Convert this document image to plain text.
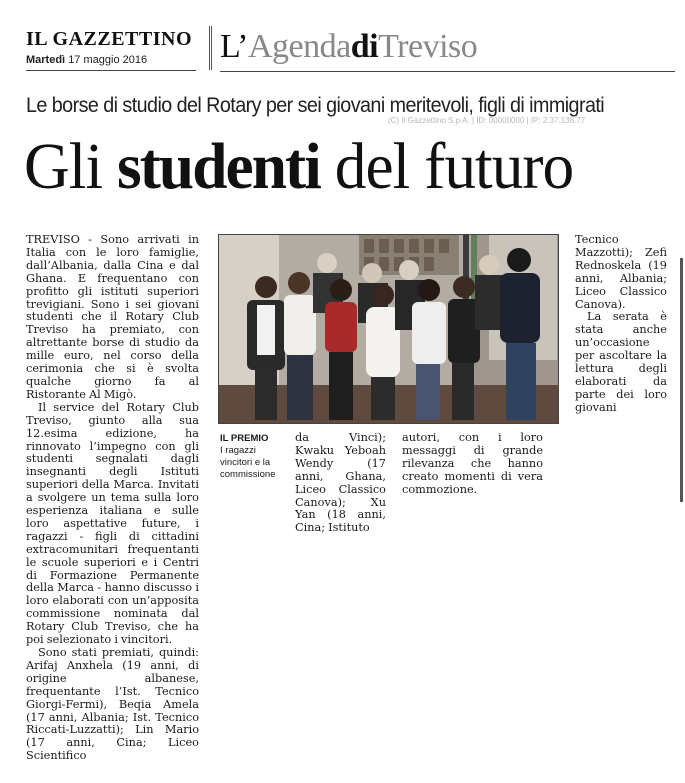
IL GAZZETTINO
Martedì 17 maggio 2016 L’AgendadiTreviso
Le borse di studio del Rotary per sei giovani meritevoli, figli di immigrati
(C) Il Gazzettino S.p.A. | ID: 00000000 | IP: 2.37.138.77
Gli studenti del futuro

TREVISO - Sono arrivati in Italia con le loro famiglie, dall’Albania, dalla Cina e dal Ghana. E frequentano con profitto gli istituti superiori trevigiani. Sono i sei giovani studenti che il Rotary Club Treviso ha premiato, con altrettante borse di studio da mille euro, nel corso della cerimonia che si è svolta qualche giorno fa al Ristorante Al Migò.

Il service del Rotary Club Treviso, giunto alla sua 12.esima edizione, ha rinnovato l’impegno con gli studenti segnalati dagli insegnanti degli Istituti superiori della Marca. Invitati a svolgere un tema sulla loro esperienza italiana e sulle loro aspettative future, i ragazzi - figli di cittadini extracomunitari frequentanti le scuole superiori e i Centri di Formazione Permanente della Marca - hanno discusso i loro elaborati con un’apposita commissione nominata dal Rotary Club Treviso, che ha poi selezionato i vincitori.

Sono stati premiati, quindi: Arifaj Anxhela (19 anni, di origine albanese, frequentante l’Ist. Tecnico Giorgi-Fermi), Beqia Amela (17 anni, Albania; Ist. Tecnico Riccati-Luzzatti); Lin Mario (17 anni, Cina; Liceo Scientifico

IL PREMIO
I ragazzi vincitori e la commissione

da Vinci); Kwaku Yeboah Wendy (17 anni, Ghana, Liceo Classico Canova); Xu Yan (18 anni, Cina; Istituto

autori, con i loro messaggi di grande rilevanza che hanno creato momenti di vera commozione.

Tecnico Mazzotti); Zefi Rednoskela (19 anni, Albania; Liceo Classico Canova).

La serata è stata anche un’occasione per ascoltare la lettura degli elaborati da parte dei loro giovani
